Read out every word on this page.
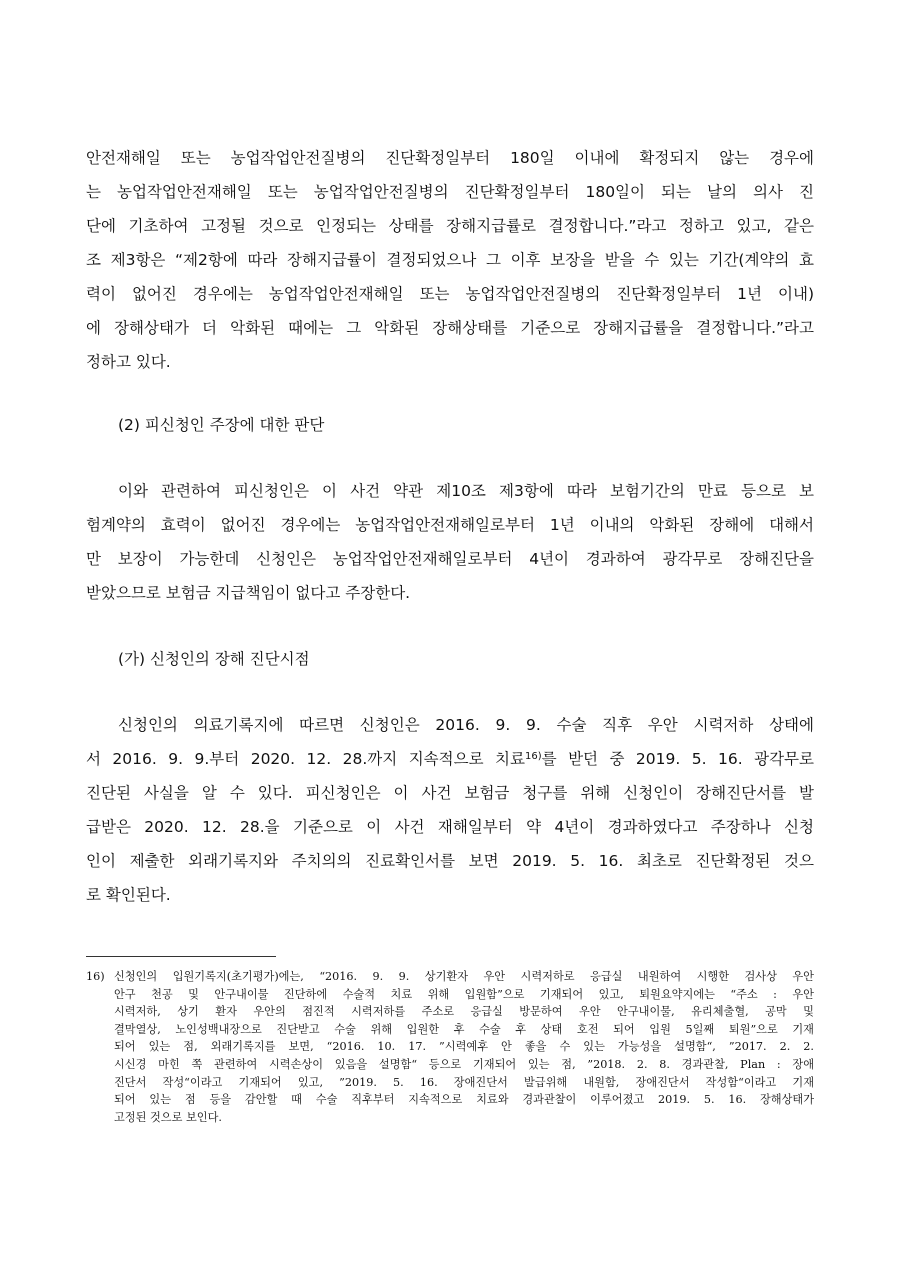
안전재해일 또는 농업작업안전질병의 진단확정일부터 180일 이내에 확정되지 않는 경우에
는 농업작업안전재해일 또는 농업작업안전질병의 진단확정일부터 180일이 되는 날의 의사 진
단에 기초하여 고정될 것으로 인정되는 상태를 장해지급률로 결정합니다.”라고 정하고 있고, 같은
조 제3항은 “제2항에 따라 장해지급률이 결정되었으나 그 이후 보장을 받을 수 있는 기간(계약의 효
력이 없어진 경우에는 농업작업안전재해일 또는 농업작업안전질병의 진단확정일부터 1년 이내)
에 장해상태가 더 악화된 때에는 그 악화된 장해상태를 기준으로 장해지급률을 결정합니다.”라고
정하고 있다.

(2) 피신청인 주장에 대한 판단

이와 관련하여 피신청인은 이 사건 약관 제10조 제3항에 따라 보험기간의 만료 등으로 보
험계약의 효력이 없어진 경우에는 농업작업안전재해일로부터 1년 이내의 악화된 장해에 대해서
만 보장이 가능한데 신청인은 농업작업안전재해일로부터 4년이 경과하여 광각무로 장해진단을
받았으므로 보험금 지급책임이 없다고 주장한다.

(가) 신청인의 장해 진단시점

신청인의 의료기록지에 따르면 신청인은 2016. 9. 9. 수술 직후 우안 시력저하 상태에
서 2016. 9. 9.부터 2020. 12. 28.까지 지속적으로 치료$^{16)}$를 받던 중 2019. 5. 16. 광각무로
진단된 사실을 알 수 있다. 피신청인은 이 사건 보험금 청구를 위해 신청인이 장해진단서를 발
급받은 2020. 12. 28.을 기준으로 이 사건 재해일부터 약 4년이 경과하였다고 주장하나 신청
인이 제출한 외래기록지와 주치의의 진료확인서를 보면 2019. 5. 16. 최초로 진단확정된 것으
로 확인된다.
16) 신청인의 입원기록지(초기평가)에는, “2016. 9. 9. 상기환자 우안 시력저하로 응급실 내원하여 시행한 검사상 우안
안구 천공 및 안구내이물 진단하에 수술적 치료 위해 입원함”으로 기재되어 있고, 퇴원요약지에는 “주소 : 우안
시력저하, 상기 환자 우안의 점진적 시력저하를 주소로 응급실 방문하여 우안 안구내이물, 유리체출혈, 공막 및
결막열상, 노인성백내장으로 진단받고 수술 위해 입원한 후 수술 후 상태 호전 되어 입원 5일째 퇴원”으로 기재
되어 있는 점, 외래기록지를 보면, “2016. 10. 17. ”시력예후 안 좋을 수 있는 가능성을 설명함“, ”2017. 2. 2.
시신경 마힌 쪽 관련하여 시력손상이 있음을 설명함“ 등으로 기재되어 있는 점, ”2018. 2. 8. 경과관찰, Plan : 장애
진단서 작성“이라고 기재되어 있고, ”2019. 5. 16. 장애진단서 발급위해 내원함, 장애진단서 작성함“이라고 기재
되어 있는 점 등을 감안할 때 수술 직후부터 지속적으로 치료와 경과관찰이 이루어졌고 2019. 5. 16. 장해상태가
고정된 것으로 보인다.
